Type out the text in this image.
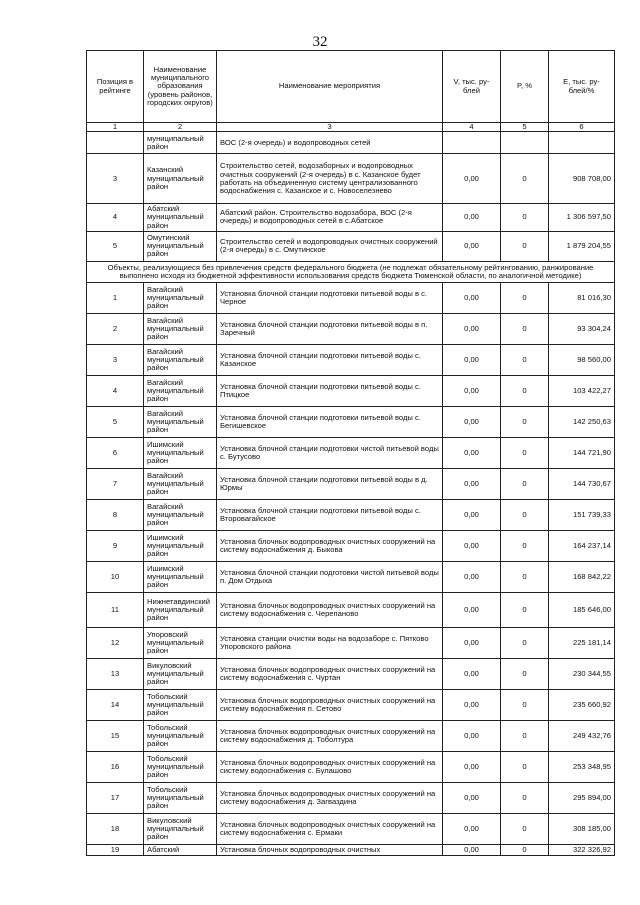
32
Позиция в рейтинге	Наименование муниципального образования (уровень районов, городских округов)	Наименование мероприятия	V, тыс. ру-блей	P, %	E, тыс. ру-блей/%
1	2	3	4	5	6
	муниципальный район	ВОС (2-я очередь) и водопроводных сетей			
3	Казанский муниципальный район	Строительство сетей, водозаборных и водопроводных очистных сооружений (2-я очередь) в с. Казанское будет работать на объединенную систему централизованного водоснабжения с. Казанское и с. Новоселезнево	0,00	0	908 708,00
4	Абатский муниципальный район	Абатский район. Строительство водозабора, ВОС (2-я очередь) и водопроводных сетей в с.Абатское	0,00	0	1 306 597,50
5	Омутинский муниципальный район	Строительство сетей и водопроводных очистных сооружений (2-я очередь) в с. Омутинское	0,00	0	1 879 204,55
Объекты, реализующиеся без привлечения средств федерального бюджета (не подлежат обязательному рейтингованию, ранжирование выполнено исходя из бюджетной эффективности использования средств бюджета Тюменской области, по аналогичной методике)					
1	Вагайский муниципальный район	Установка блочной станции подготовки питьевой воды в с. Черное	0,00	0	81 016,30
2	Вагайский муниципальный район	Установка блочной станции подготовки питьевой воды в п. Заречный	0,00	0	93 304,24
3	Вагайский муниципальный район	Установка блочной станции подготовки питьевой воды с. Казанское	0,00	0	98 560,00
4	Вагайский муниципальный район	Установка блочной станции подготовки питьевой воды с. Птицкое	0,00	0	103 422,27
5	Вагайский муниципальный район	Установка блочной станции подготовки питьевой воды с. Бегишевское	0,00	0	142 250,63
6	Ишимский муниципальный район	Установка блочной станции подготовки чистой питьевой воды с. Бутусово	0,00	0	144 721,90
7	Вагайский муниципальный район	Установка блочной станции подготовки питьевой воды в д. Юрмы	0,00	0	144 730,67
8	Вагайский муниципальный район	Установка блочной станции подготовки питьевой воды с. Второвагайское	0,00	0	151 739,33
9	Ишимский муниципальный район	Установка блочных водопроводных очистных сооружений на систему водоснабжения д. Быкова	0,00	0	164 237,14
10	Ишимский муниципальный район	Установка блочной станции подготовки чистой питьевой воды п. Дом Отдыха	0,00	0	168 842,22
11	Нижнетавдинский муниципальный район	Установка блочных водопроводных очистных сооружений на систему водоснабжения с. Черепаново	0,00	0	185 646,00
12	Упоровский муниципальный район	Установка станции очистки воды на водозаборе с. Пятково Упоровского района	0,00	0	225 181,14
13	Викуловский муниципальный район	Установка блочных водопроводных очистных сооружений на систему водоснабжения с. Чуртан	0,00	0	230 344,55
14	Тобольский муниципальный район	Установка блочных водопроводных очистных сооружений на систему водоснабжения п. Сетово	0,00	0	235 660,92
15	Тобольский муниципальный район	Установка блочных водопроводных очистных сооружений на систему водоснабжения д. Тоболтура	0,00	0	249 432,76
16	Тобольский муниципальный район	Установка блочных водопроводных очистных сооружений на систему водоснабжения с. Булашово	0,00	0	253 348,95
17	Тобольский муниципальный район	Установка блочных водопроводных очистных сооружений на систему водоснабжения д. Загваздина	0,00	0	295 894,00
18	Викуловский муниципальный район	Установка блочных водопроводных очистных сооружений на систему водоснабжения с. Ермаки	0,00	0	308 185,00
19	Абатский	Установка блочных водопроводных очистных	0,00	0	322 326,92
